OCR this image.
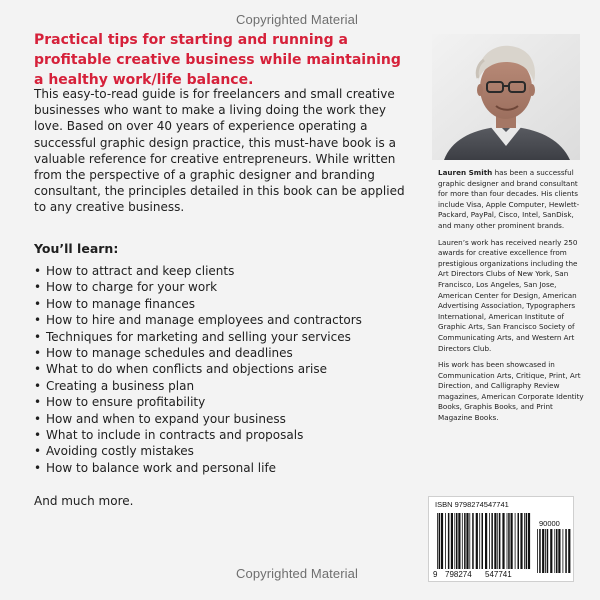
Copyrighted Material
Practical tips for starting and running a profitable creative business while maintaining a healthy work/life balance.
This easy-to-read guide is for freelancers and small creative businesses who want to make a living doing the work they love. Based on over 40 years of experience operating a successful graphic design practice, this must-have book is a valuable reference for creative entrepreneurs. While written from the perspective of a graphic designer and branding consultant, the principles detailed in this book can be applied to any creative business.
You’ll learn:
• How to attract and keep clients
• How to charge for your work
• How to manage finances
• How to hire and manage employees and contractors
• Techniques for marketing and selling your services
• How to manage schedules and deadlines
• What to do when conflicts and objections arise
• Creating a business plan
• How to ensure profitability
• How and when to expand your business
• What to include in contracts and proposals
• Avoiding costly mistakes
• How to balance work and personal life
And much more.

Lauren Smith has been a successful graphic designer and brand consultant for more than four decades. His clients include Visa, Apple Computer, Hewlett-Packard, PayPal, Cisco, Intel, SanDisk, and many other prominent brands.

Lauren’s work has received nearly 250 awards for creative excellence from prestigious organizations including the Art Directors Clubs of New York, San Francisco, Los Angeles, San Jose, American Center for Design, American Advertising Association, Typographers International, American Institute of Graphic Arts, San Francisco Society of Communicating Arts, and Western Art Directors Club.

His work has been showcased in Communication Arts, Critique, Print, Art Direction, and Calligraphy Review magazines, American Corporate Identity Books, Graphis Books, and Print Magazine Books.

ISBN 9798274547741
90000
9 798274 547741
Copyrighted Material
